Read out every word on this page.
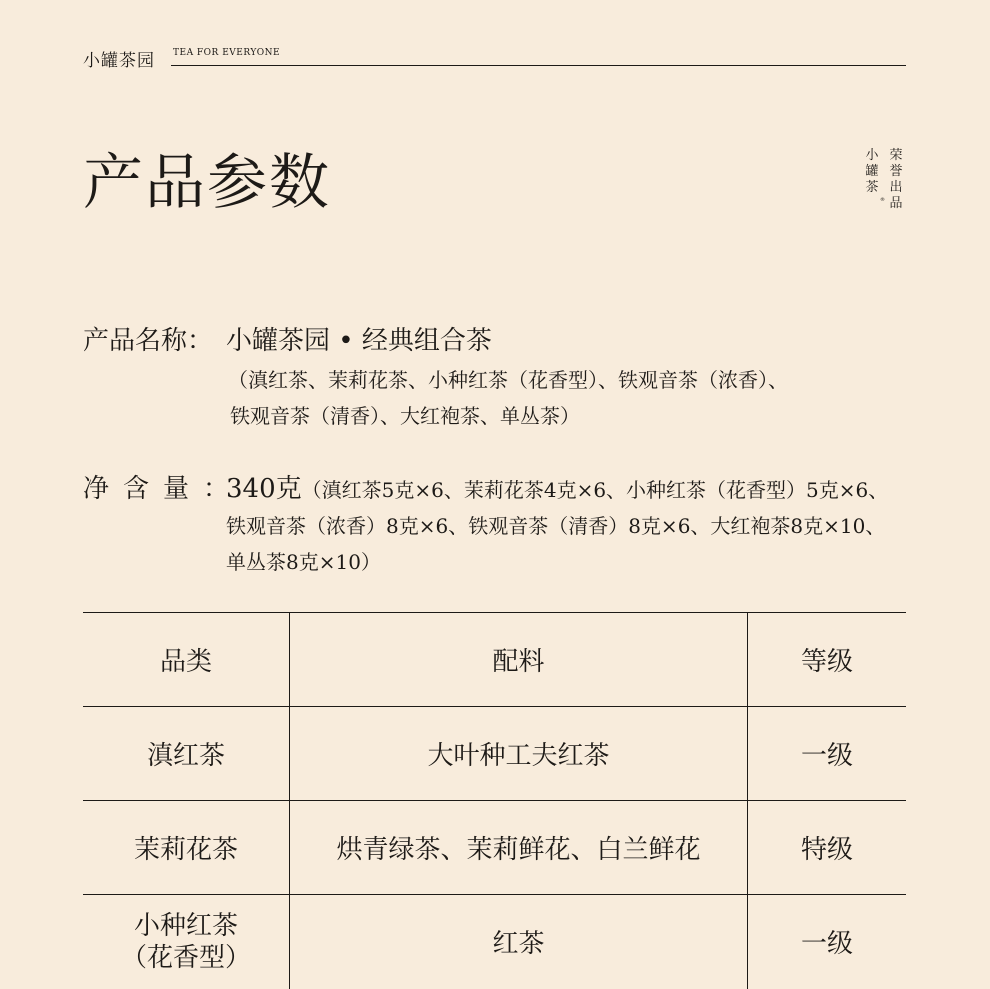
小罐茶园 TEA FOR EVERYONE
产品参数	小
罐
茶
®
荣
誉
出
品
产品名称： 小罐茶园 • 经典组合茶
（滇红茶、茉莉花茶、小种红茶（花香型）、铁观音茶（浓香）、
铁观音茶（清香）、大红袍茶、单丛茶）
净含量：
340克（滇红茶5克×6、茉莉花茶4克×6、小种红茶（花香型）5克×6、
铁观音茶（浓香）8克×6、铁观音茶（清香）8克×6、大红袍茶8克×10、
单丛茶8克×10）
品类	配料	等级
滇红茶	大叶种工夫红茶	一级
茉莉花茶	烘青绿茶、茉莉鲜花、白兰鲜花	特级

小种红茶
（花香型）	红茶	一级
